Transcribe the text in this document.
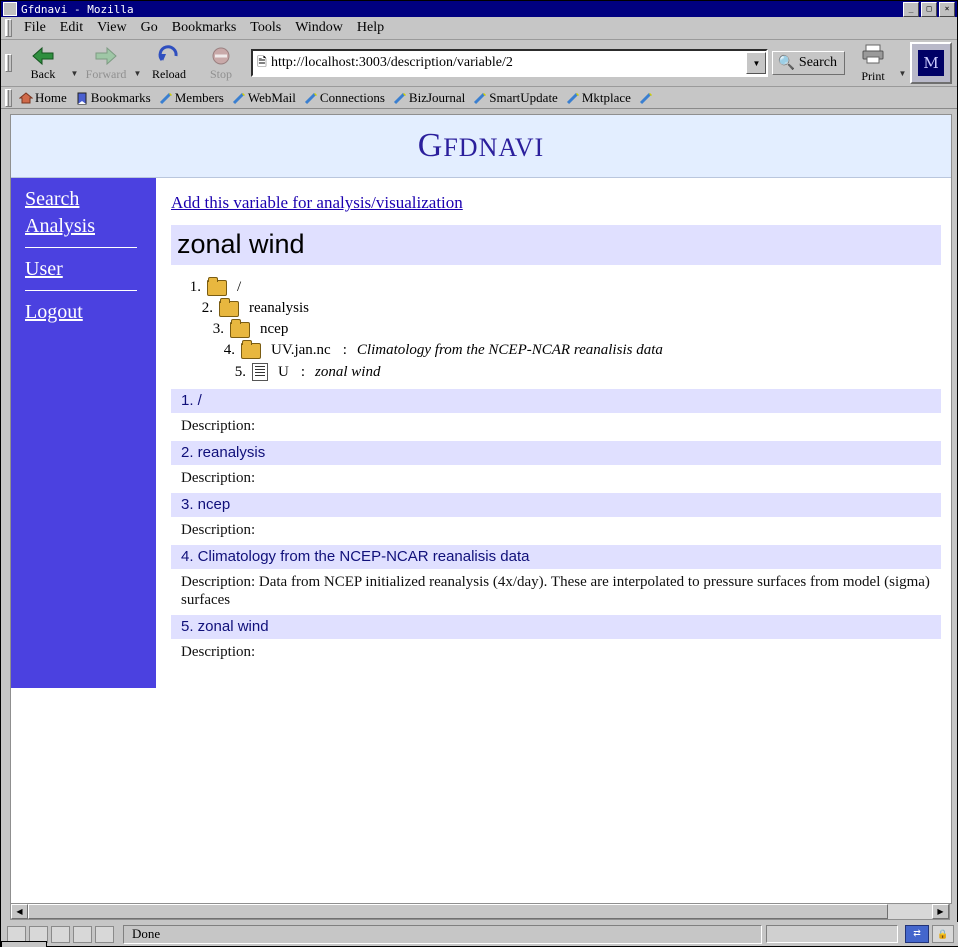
Gfdnavi - Mozilla	_	□	×
File	Edit	View	Go	Bookmarks	Tools	Window	Help
Back ▼ Forward ▼ Reload Stop
🗎 http://localhost:3003/description/variable/2	▼	🔍 Search
Print ▼
M
Home Bookmarks Members WebMail Connections BizJournal SmartUpdate Mktplace
GFDNAVI
Search
Analysis
User
Logout
Add this variable for analysis/visualization
zonal wind
1. /
2. reanalysis
3. ncep
4. UV.jan.nc : Climatology from the NCEP-NCAR reanalisis data
5. U : zonal wind
1. /
Description:
2. reanalysis
Description:
3. ncep
Description:
4. Climatology from the NCEP-NCAR reanalisis data
Description: Data from NCEP initialized reanalysis (4x/day). These are interpolated to pressure surfaces from model (sigma) surfaces
5. zonal wind
Description:
◀	▶
Done	⇄	🔒
